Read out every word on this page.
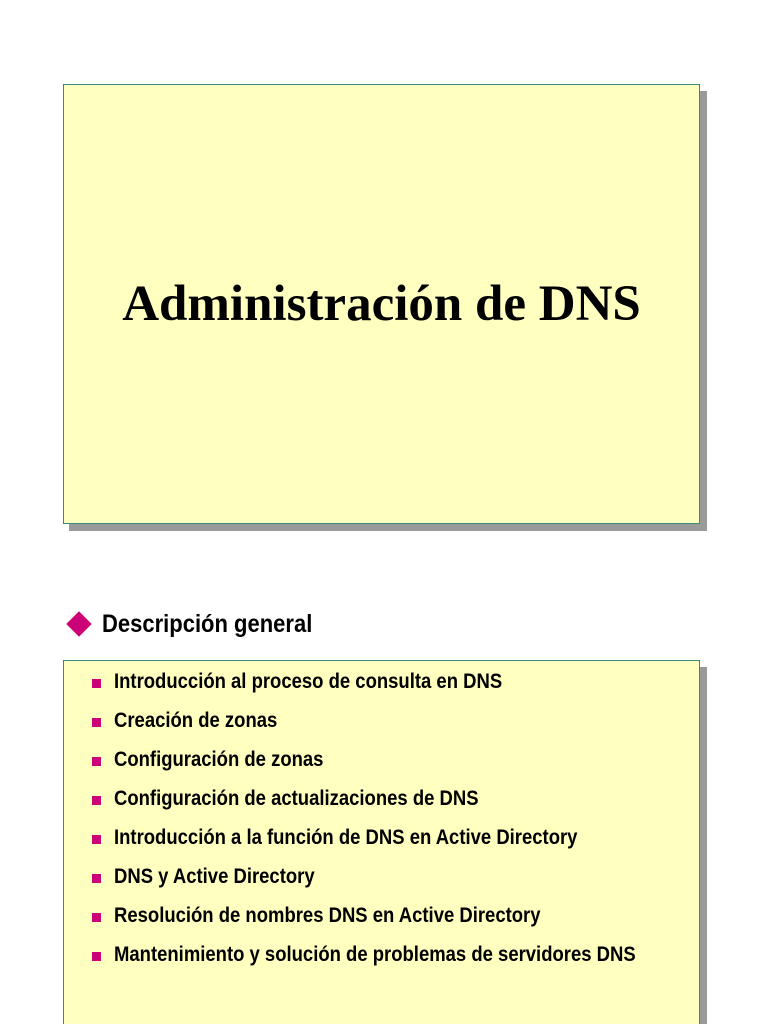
Administración de DNS
Descripción general
Introducción al proceso de consulta en DNS
Creación de zonas
Configuración de zonas
Configuración de actualizaciones de DNS
Introducción a la función de DNS en Active Directory
DNS y Active Directory
Resolución de nombres DNS en Active Directory
Mantenimiento y solución de problemas de servidores DNS
